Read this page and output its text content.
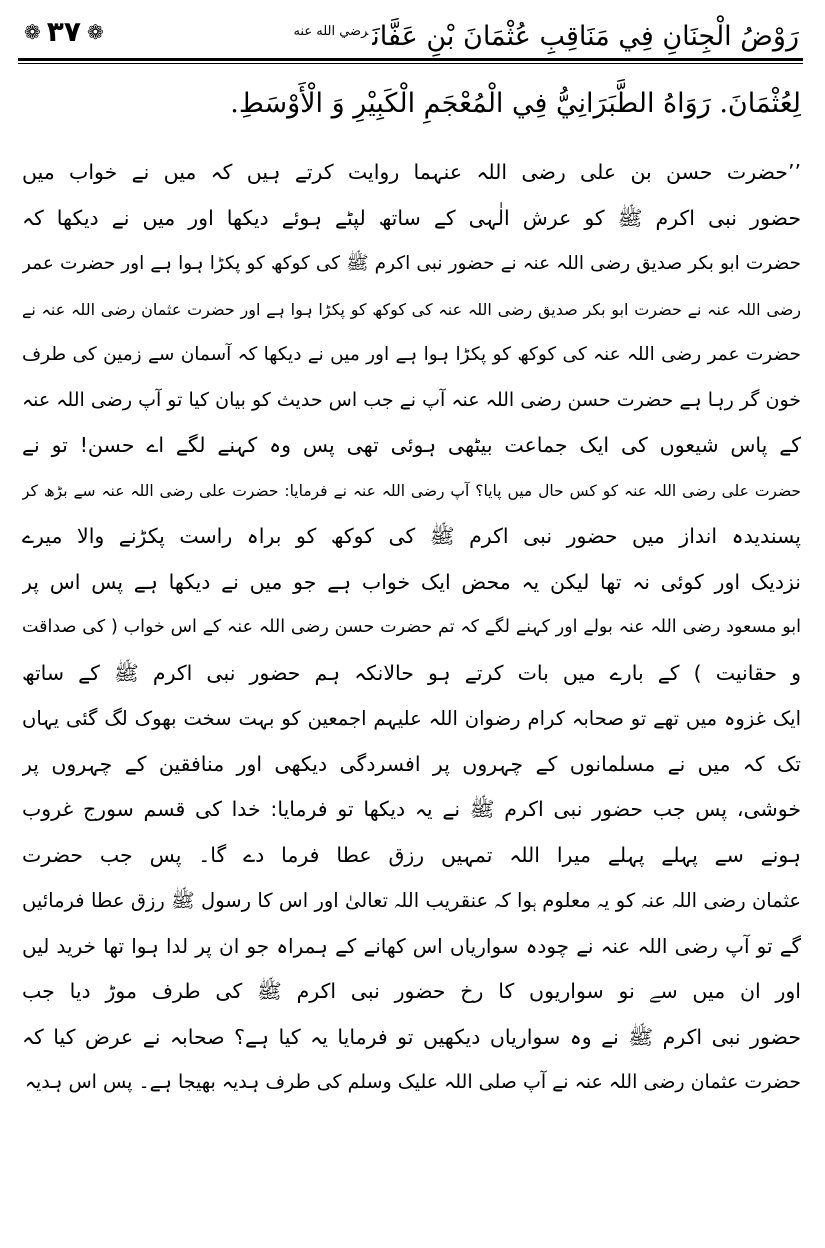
رَوْضُ الْجِنَانِ فِي مَنَاقِبِ عُثْمَانَ بْنِ عَفَّانَ$^{رضي الله عنه}$
❁ ۳۷ ❁
لِعُثْمَانَ. رَوَاهُ الطَّبَرَانِيُّ فِي الْمُعْجَمِ الْكَبِيْرِ وَ الْأَوْسَطِ.
’’حضرت حسن بن علی رضی اللہ عنہما روایت کرتے ہیں کہ میں نے خواب میں
حضور نبی اکرم ﷺ کو عرش الٰہی کے ساتھ لپٹے ہوئے دیکھا اور میں نے دیکھا کہ
حضرت ابو بکر صدیق رضی اللہ عنہ نے حضور نبی اکرم ﷺ کی کوکھ کو پکڑا ہوا ہے اور حضرت عمر
رضی اللہ عنہ نے حضرت ابو بکر صدیق رضی اللہ عنہ کی کوکھ کو پکڑا ہوا ہے اور حضرت عثمان رضی اللہ عنہ نے
حضرت عمر رضی اللہ عنہ کی کوکھ کو پکڑا ہوا ہے اور میں نے دیکھا کہ آسمان سے زمین کی طرف
خون گر رہا ہے حضرت حسن رضی اللہ عنہ آپ نے جب اس حدیث کو بیان کیا تو آپ رضی اللہ عنہ
کے پاس شیعوں کی ایک جماعت بیٹھی ہوئی تھی پس وہ کہنے لگے اے حسن! تو نے
حضرت علی رضی اللہ عنہ کو کس حال میں پایا؟ آپ رضی اللہ عنہ نے فرمایا: حضرت علی رضی اللہ عنہ سے بڑھ کر
پسندیدہ انداز میں حضور نبی اکرم ﷺ کی کوکھ کو براہ راست پکڑنے والا میرے
نزدیک اور کوئی نہ تھا لیکن یہ محض ایک خواب ہے جو میں نے دیکھا ہے پس اس پر
ابو مسعود رضی اللہ عنہ بولے اور کہنے لگے کہ تم حضرت حسن رضی اللہ عنہ کے اس خواب ( کی صداقت
و حقانیت ) کے بارے میں بات کرتے ہو حالانکہ ہم حضور نبی اکرم ﷺ کے ساتھ
ایک غزوہ میں تھے تو صحابہ کرام رضوان اللہ علیہم اجمعین کو بہت سخت بھوک لگ گئی یہاں
تک کہ میں نے مسلمانوں کے چہروں پر افسردگی دیکھی اور منافقین کے چہروں پر
خوشی، پس جب حضور نبی اکرم ﷺ نے یہ دیکھا تو فرمایا: خدا کی قسم سورج غروب
ہونے سے پہلے پہلے میرا اللہ تمہیں رزق عطا فرما دے گا۔ پس جب حضرت
عثمان رضی اللہ عنہ کو یہ معلوم ہوا کہ عنقریب اللہ تعالیٰ اور اس کا رسول ﷺ رزق عطا فرمائیں
گے تو آپ رضی اللہ عنہ نے چودہ سواریاں اس کھانے کے ہمراہ جو ان پر لدا ہوا تھا خرید لیں
اور ان میں سے نو سواریوں کا رخ حضور نبی اکرم ﷺ کی طرف موڑ دیا جب
حضور نبی اکرم ﷺ نے وہ سواریاں دیکھیں تو فرمایا یہ کیا ہے؟ صحابہ نے عرض کیا کہ
حضرت عثمان رضی اللہ عنہ نے آپ صلی اللہ علیک وسلم کی طرف ہدیہ بھیجا ہے۔ پس اس ہدیہ
